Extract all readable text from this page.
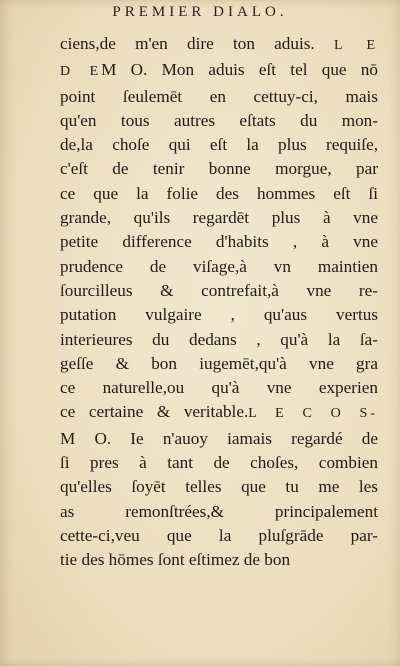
PREMIER DIALO.
ciens,de m'en dire ton aduis. L E
D EM O. Mon aduis eſt tel que nō
point ſeulemēt en cettuy-ci, mais
qu'en tous autres eſtats du mon-
de,la choſe qui eſt la plus requiſe,
c'eſt de tenir bonne morgue, par
ce que la folie des hommes eſt ſi
grande, qu'ils regardēt plus à vne
petite difference d'habits , à vne
prudence de viſage,à vn maintien
ſourcilleus & contrefait,à vne re-
putation vulgaire , qu'aus vertus
interieures du dedans , qu'à la ſa-
geſſe & bon iugemēt,qu'à vne gra
ce naturelle,ou qu'à vne experien
ce certaine & veritable.L E C O S-
M O. Ie n'auoy iamais regardé de
ſi pres à tant de choſes, combien
qu'elles ſoyēt telles que tu me les
as remonſtrées,& principalement
cette-ci,veu que la pluſgrāde par-
tie des hōmes ſont eſtimez de bon
